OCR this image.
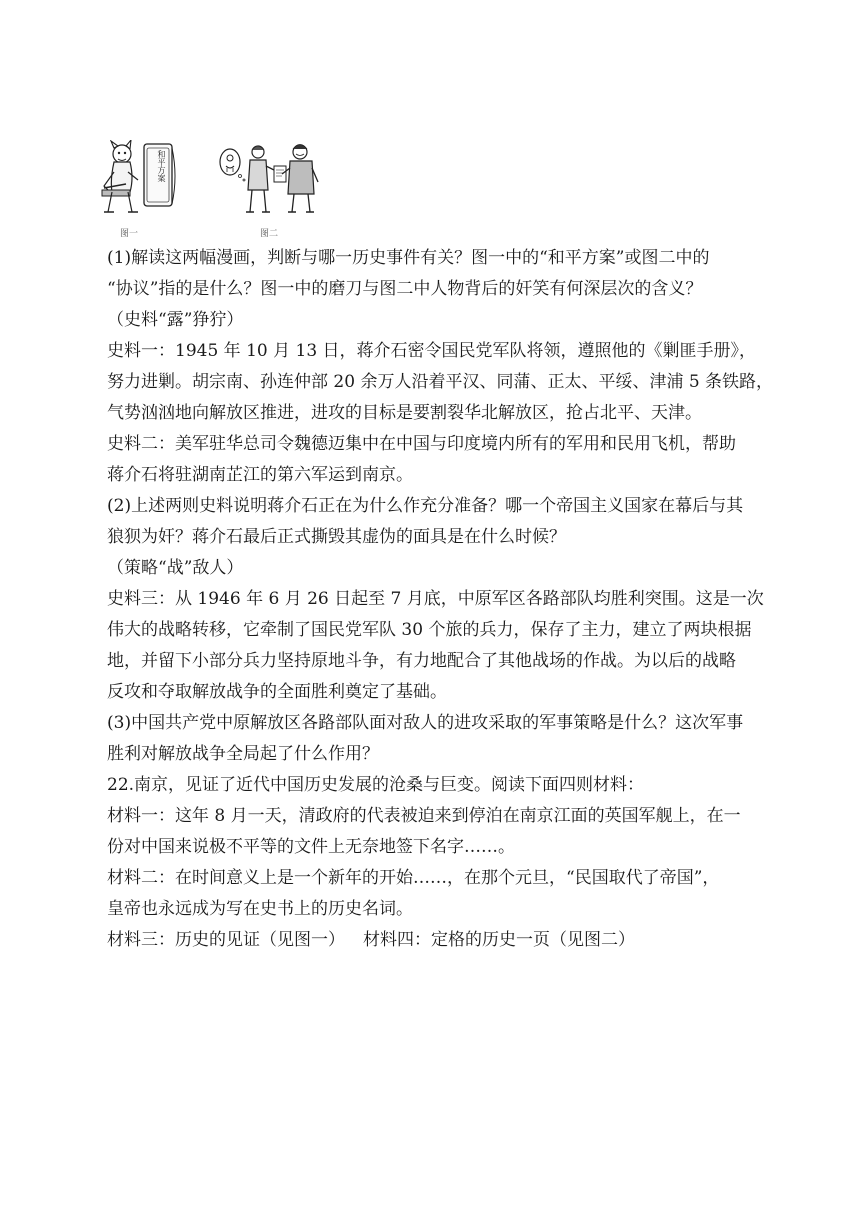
和平方案
图一	图二
(1)解读这两幅漫画，判断与哪一历史事件有关？图一中的“和平方案”或图二中的
“协议”指的是什么？图一中的磨刀与图二中人物背后的奸笑有何深层次的含义？
（史料“露”狰狞）
史料一：1945 年 10 月 13 日，蒋介石密令国民党军队将领，遵照他的《剿匪手册》，
努力进剿。胡宗南、孙连仲部 20 余万人沿着平汉、同蒲、正太、平绥、津浦 5 条铁路，
气势汹汹地向解放区推进，进攻的目标是要割裂华北解放区，抢占北平、天津。
史料二：美军驻华总司令魏德迈集中在中国与印度境内所有的军用和民用飞机，帮助
蒋介石将驻湖南芷江的第六军运到南京。
(2)上述两则史料说明蒋介石正在为什么作充分准备？哪一个帝国主义国家在幕后与其
狼狈为奸？蒋介石最后正式撕毁其虚伪的面具是在什么时候？
（策略“战”敌人）
史料三：从 1946 年 6 月 26 日起至 7 月底，中原军区各路部队均胜利突围。这是一次
伟大的战略转移，它牵制了国民党军队 30 个旅的兵力，保存了主力，建立了两块根据
地，并留下小部分兵力坚持原地斗争，有力地配合了其他战场的作战。为以后的战略
反攻和夺取解放战争的全面胜利奠定了基础。
(3)中国共产党中原解放区各路部队面对敌人的进攻采取的军事策略是什么？这次军事
胜利对解放战争全局起了什么作用？
22.南京，见证了近代中国历史发展的沧桑与巨变。阅读下面四则材料：
材料一：这年 8 月一天，清政府的代表被迫来到停泊在南京江面的英国军舰上，在一
份对中国来说极不平等的文件上无奈地签下名字……。
材料二：在时间意义上是一个新年的开始……，在那个元旦，“民国取代了帝国”，
皇帝也永远成为写在史书上的历史名词。
材料三：历史的见证（见图一） 材料四：定格的历史一页（见图二）
